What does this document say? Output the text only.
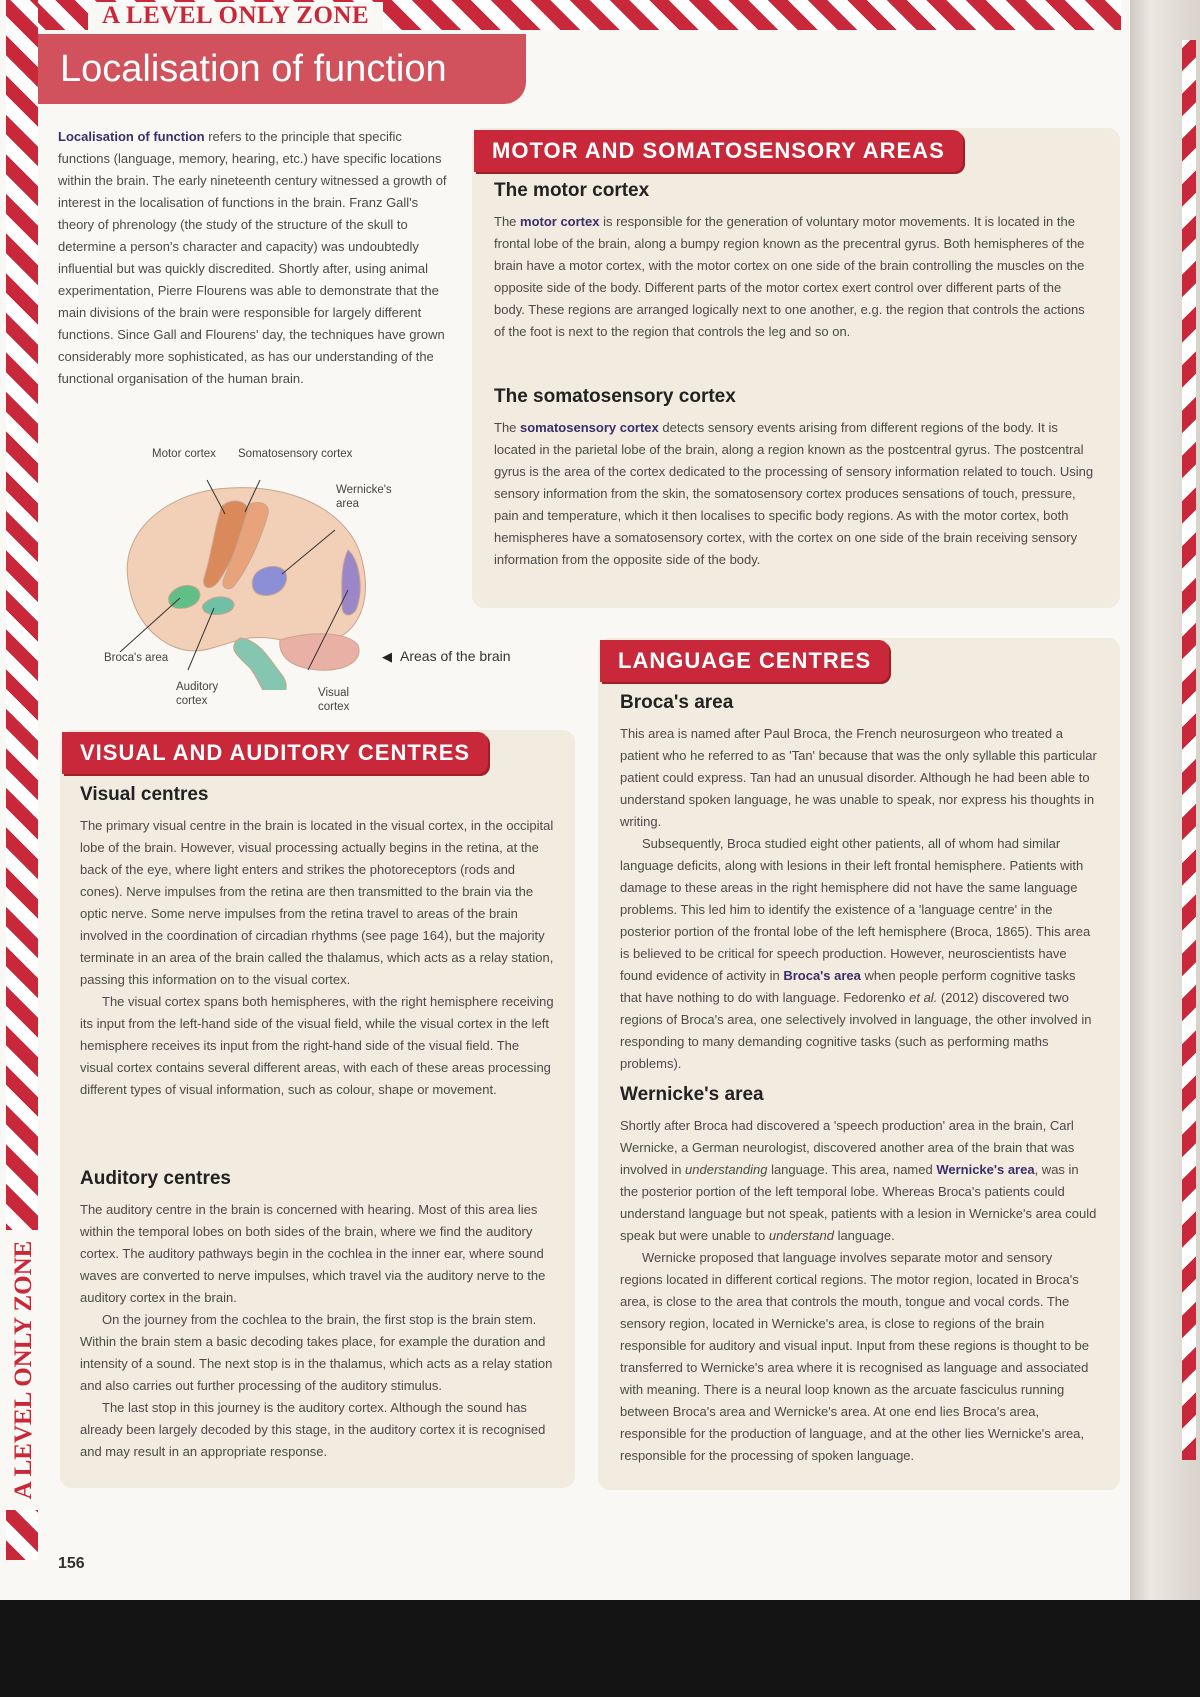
A LEVEL ONLY ZONE
A LEVEL ONLY ZONE
Localisation of function

Localisation of function refers to the principle that specific functions (language, memory, hearing, etc.) have specific locations within the brain. The early nineteenth century witnessed a growth of interest in the localisation of functions in the brain. Franz Gall's theory of phrenology (the study of the structure of the skull to determine a person's character and capacity) was undoubtedly influential but was quickly discredited. Shortly after, using animal experimentation, Pierre Flourens was able to demonstrate that the main divisions of the brain were responsible for largely different functions. Since Gall and Flourens' day, the techniques have grown considerably more sophisticated, as has our understanding of the functional organisation of the human brain.

Motor cortex Somatosensory cortex
Wernicke's area
Broca's area
Auditory cortex
Visual cortex
◀ Areas of the brain
MOTOR AND SOMATOSENSORY AREAS
The motor cortex

The motor cortex is responsible for the generation of voluntary motor movements. It is located in the frontal lobe of the brain, along a bumpy region known as the precentral gyrus. Both hemispheres of the brain have a motor cortex, with the motor cortex on one side of the brain controlling the muscles on the opposite side of the body. Different parts of the motor cortex exert control over different parts of the body. These regions are arranged logically next to one another, e.g. the region that controls the actions of the foot is next to the region that controls the leg and so on.

The somatosensory cortex

The somatosensory cortex detects sensory events arising from different regions of the body. It is located in the parietal lobe of the brain, along a region known as the postcentral gyrus. The postcentral gyrus is the area of the cortex dedicated to the processing of sensory information related to touch. Using sensory information from the skin, the somatosensory cortex produces sensations of touch, pressure, pain and temperature, which it then localises to specific body regions. As with the motor cortex, both hemispheres have a somatosensory cortex, with the cortex on one side of the brain receiving sensory information from the opposite side of the body.

VISUAL AND AUDITORY CENTRES
Visual centres

The primary visual centre in the brain is located in the visual cortex, in the occipital lobe of the brain. However, visual processing actually begins in the retina, at the back of the eye, where light enters and strikes the photoreceptors (rods and cones). Nerve impulses from the retina are then transmitted to the brain via the optic nerve. Some nerve impulses from the retina travel to areas of the brain involved in the coordination of circadian rhythms (see page 164), but the majority terminate in an area of the brain called the thalamus, which acts as a relay station, passing this information on to the visual cortex.

The visual cortex spans both hemispheres, with the right hemisphere receiving its input from the left-hand side of the visual field, while the visual cortex in the left hemisphere receives its input from the right-hand side of the visual field. The visual cortex contains several different areas, with each of these areas processing different types of visual information, such as colour, shape or movement.

Auditory centres

The auditory centre in the brain is concerned with hearing. Most of this area lies within the temporal lobes on both sides of the brain, where we find the auditory cortex. The auditory pathways begin in the cochlea in the inner ear, where sound waves are converted to nerve impulses, which travel via the auditory nerve to the auditory cortex in the brain.

On the journey from the cochlea to the brain, the first stop is the brain stem. Within the brain stem a basic decoding takes place, for example the duration and intensity of a sound. The next stop is in the thalamus, which acts as a relay station and also carries out further processing of the auditory stimulus.

The last stop in this journey is the auditory cortex. Although the sound has already been largely decoded by this stage, in the auditory cortex it is recognised and may result in an appropriate response.

LANGUAGE CENTRES
Broca's area

This area is named after Paul Broca, the French neurosurgeon who treated a patient who he referred to as 'Tan' because that was the only syllable this particular patient could express. Tan had an unusual disorder. Although he had been able to understand spoken language, he was unable to speak, nor express his thoughts in writing.

Subsequently, Broca studied eight other patients, all of whom had similar language deficits, along with lesions in their left frontal hemisphere. Patients with damage to these areas in the right hemisphere did not have the same language problems. This led him to identify the existence of a 'language centre' in the posterior portion of the frontal lobe of the left hemisphere (Broca, 1865). This area is believed to be critical for speech production. However, neuroscientists have found evidence of activity in Broca's area when people perform cognitive tasks that have nothing to do with language. Fedorenko et al. (2012) discovered two regions of Broca's area, one selectively involved in language, the other involved in responding to many demanding cognitive tasks (such as performing maths problems).

Wernicke's area

Shortly after Broca had discovered a 'speech production' area in the brain, Carl Wernicke, a German neurologist, discovered another area of the brain that was involved in understanding language. This area, named Wernicke's area, was in the posterior portion of the left temporal lobe. Whereas Broca's patients could understand language but not speak, patients with a lesion in Wernicke's area could speak but were unable to understand language.

Wernicke proposed that language involves separate motor and sensory regions located in different cortical regions. The motor region, located in Broca's area, is close to the area that controls the mouth, tongue and vocal cords. The sensory region, located in Wernicke's area, is close to regions of the brain responsible for auditory and visual input. Input from these regions is thought to be transferred to Wernicke's area where it is recognised as language and associated with meaning. There is a neural loop known as the arcuate fasciculus running between Broca's area and Wernicke's area. At one end lies Broca's area, responsible for the production of language, and at the other lies Wernicke's area, responsible for the processing of spoken language.

156
